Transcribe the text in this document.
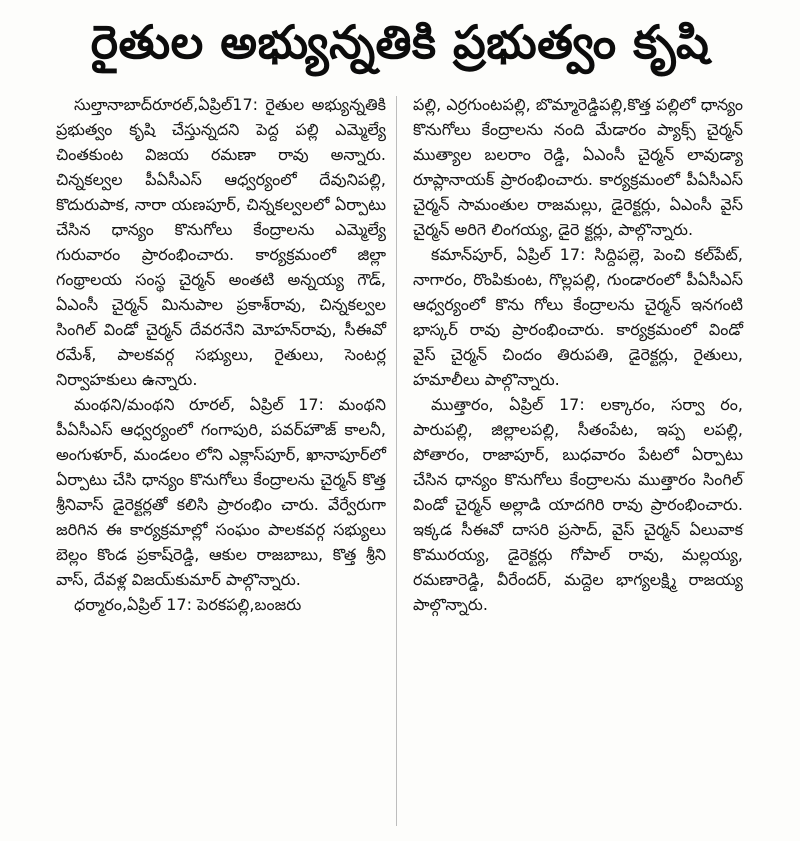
రైతుల అభ్యున్నతికి ప్రభుత్వం కృషి

సుల్తానాబాద్‌రూరల్‌,ఏప్రిల్‌17: రైతుల అభ్యున్నతికి ప్రభుత్వం కృషి చేస్తున్నదని పెద్ద పల్లి ఎమ్మెల్యే చింతకుంట విజయ రమణా రావు అన్నారు. చిన్నకల్వల పీఏసీఎస్‌ ఆధ్వర్యంలో దేవునిపల్లి, కొదురుపాక, నారా యణపూర్‌, చిన్నకల్వలలో ఏర్పాటు చేసిన ధాన్యం కొనుగోలు కేంద్రాలను ఎమ్మెల్యే గురువారం ప్రారంభించారు. కార్యక్రమంలో జిల్లా గంథ్రాలయ సంస్థ చైర్మన్‌ అంతటి అన్నయ్య గౌడ్‌, ఏఎంసీ చైర్మన్‌ మినుపాల ప్రకాశ్‌రావు, చిన్నకల్వల సింగిల్‌ విండో చైర్మన్‌ దేవరనేని మోహన్‌రావు, సీఈవో రమేశ్‌, పాలకవర్గ సభ్యులు, రైతులు, సెంటర్ల నిర్వాహకులు ఉన్నారు.

మంథని/మంథని రూరల్‌, ఏప్రిల్‌ 17: మంథని పీఏసీఎస్‌ ఆధ్వర్యంలో గంగాపురి, పవర్‌హౌజ్‌ కాలనీ, అంగుళూర్‌, మండలం లోని ఎక్లాస్‌పూర్‌, ఖానాపూర్‌లో ఏర్పాటు చేసి ధాన్యం కొనుగోలు కేంద్రాలను చైర్మన్‌ కొత్త శ్రీనివాస్‌ డైరెక్టర్లతో కలిసి ప్రారంభిం చారు. వేర్వేరుగా జరిగిన ఈ కార్యక్రమాల్లో సంఘం పాలకవర్గ సభ్యులు బెల్లం కొండ ప్రకాష్‌రెడ్డి, ఆకుల రాజబాబు, కొత్త శ్రీని వాస్‌, దేవళ్ల విజయ్‌కుమార్‌ పాల్గొన్నారు.

ధర్మారం,ఏప్రిల్‌ 17: పెరకపల్లి,బంజరు

పల్లి, ఎర్రగుంటపల్లి, బొమ్మారెడ్డిపల్లి,కొత్త పల్లిలో ధాన్యం కొనుగోలు కేంద్రాలను నంది మేడారం ప్యాక్స్‌ చైర్మన్‌ ముత్యాల బలరాం రెడ్డి, ఏఎంసీ చైర్మన్‌ లావుడ్యా రూప్లానాయక్‌ ప్రారంభించారు. కార్యక్రమంలో పీఏసీఎస్‌ చైర్మన్‌ సామంతుల రాజమల్లు, డైరెక్టర్లు, ఏఎంసీ వైస్‌ చైర్మన్‌ అరిగె లింగయ్య, డైరె క్టర్లు, పాల్గొన్నారు.

కమాన్‌పూర్‌, ఏప్రిల్‌ 17: సిద్దిపల్లె, పెంచి కల్‌పేట్‌, నాగారం, రొంపికుంట, గొల్లపల్లి, గుండారంలో పీఏసీఎస్‌ ఆధ్వర్యంలో కొను గోలు కేంద్రాలను చైర్మన్‌ ఇనగంటి భాస్కర్‌ రావు ప్రారంభించారు. కార్యక్రమంలో విండో వైస్‌ చైర్మన్‌ చిందం తిరుపతి, డైరెక్టర్లు, రైతులు, హమాలీలు పాల్గొన్నారు.

ముత్తారం, ఏప్రిల్‌ 17: లక్కారం, సర్వా రం, పారుపల్లి, జిల్లాలపల్లి, సీతంపేట, ఇప్ప లపల్లి, పోతారం, రాజాపూర్‌, బుధవారం పేటలో ఏర్పాటు చేసిన ధాన్యం కొనుగోలు కేంద్రాలను ముత్తారం సింగిల్‌ విండో చైర్మన్‌ అల్లాడి యాదగిరి రావు ప్రారంభించారు. ఇక్కడ సీఈవో దాసరి ప్రసాద్‌, వైస్‌ చైర్మన్‌ ఏలువాక కొమురయ్య, డైరెక్టర్లు గోపాల్‌ రావు, మల్లయ్య, రమణారెడ్డి, వీరేందర్‌, మద్దెల భాగ్యలక్ష్మి రాజయ్య పాల్గొన్నారు.
